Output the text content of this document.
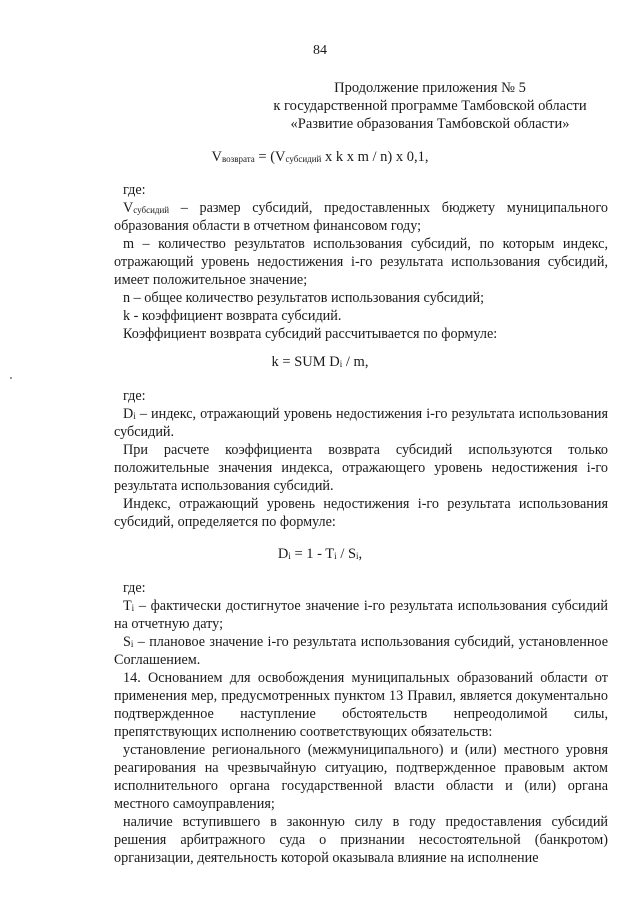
84
Продолжение приложения № 5
к государственной программе Тамбовской области
«Развитие образования Тамбовской области»
$V_{возврата} = (V_{субсидий}$ x k x m / n) x 0,1,

где:

$V_{субсидий}$ – размер субсидий, предоставленных бюджету муниципального образования области в отчетном финансовом году;

m – количество результатов использования субсидий, по которым индекс, отражающий уровень недостижения i-го результата использования субсидий, имеет положительное значение;

n – общее количество результатов использования субсидий;

k - коэффициент возврата субсидий.

Коэффициент возврата субсидий рассчитывается по формуле:

k = SUM $D_i$ / m,

где:

$D_i$ – индекс, отражающий уровень недостижения i-го результата использования субсидий.

При расчете коэффициента возврата субсидий используются только положительные значения индекса, отражающего уровень недостижения i-го результата использования субсидий.

Индекс, отражающий уровень недостижения i-го результата использования субсидий, определяется по формуле:

$D_i = 1 - T_i / S_i$,

где:

$T_i$ – фактически достигнутое значение i-го результата использования субсидий на отчетную дату;

$S_i$ – плановое значение i-го результата использования субсидий, установленное Соглашением.

14. Основанием для освобождения муниципальных образований области от применения мер, предусмотренных пунктом 13 Правил, является документально подтвержденное наступление обстоятельств непреодолимой силы, препятствующих исполнению соответствующих обязательств:

установление регионального (межмуниципального) и (или) местного уровня реагирования на чрезвычайную ситуацию, подтвержденное правовым актом исполнительного органа государственной власти области и (или) органа местного самоуправления;

наличие вступившего в законную силу в году предоставления субсидий решения арбитражного суда о признании несостоятельной (банкротом) организации, деятельность которой оказывала влияние на исполнение
